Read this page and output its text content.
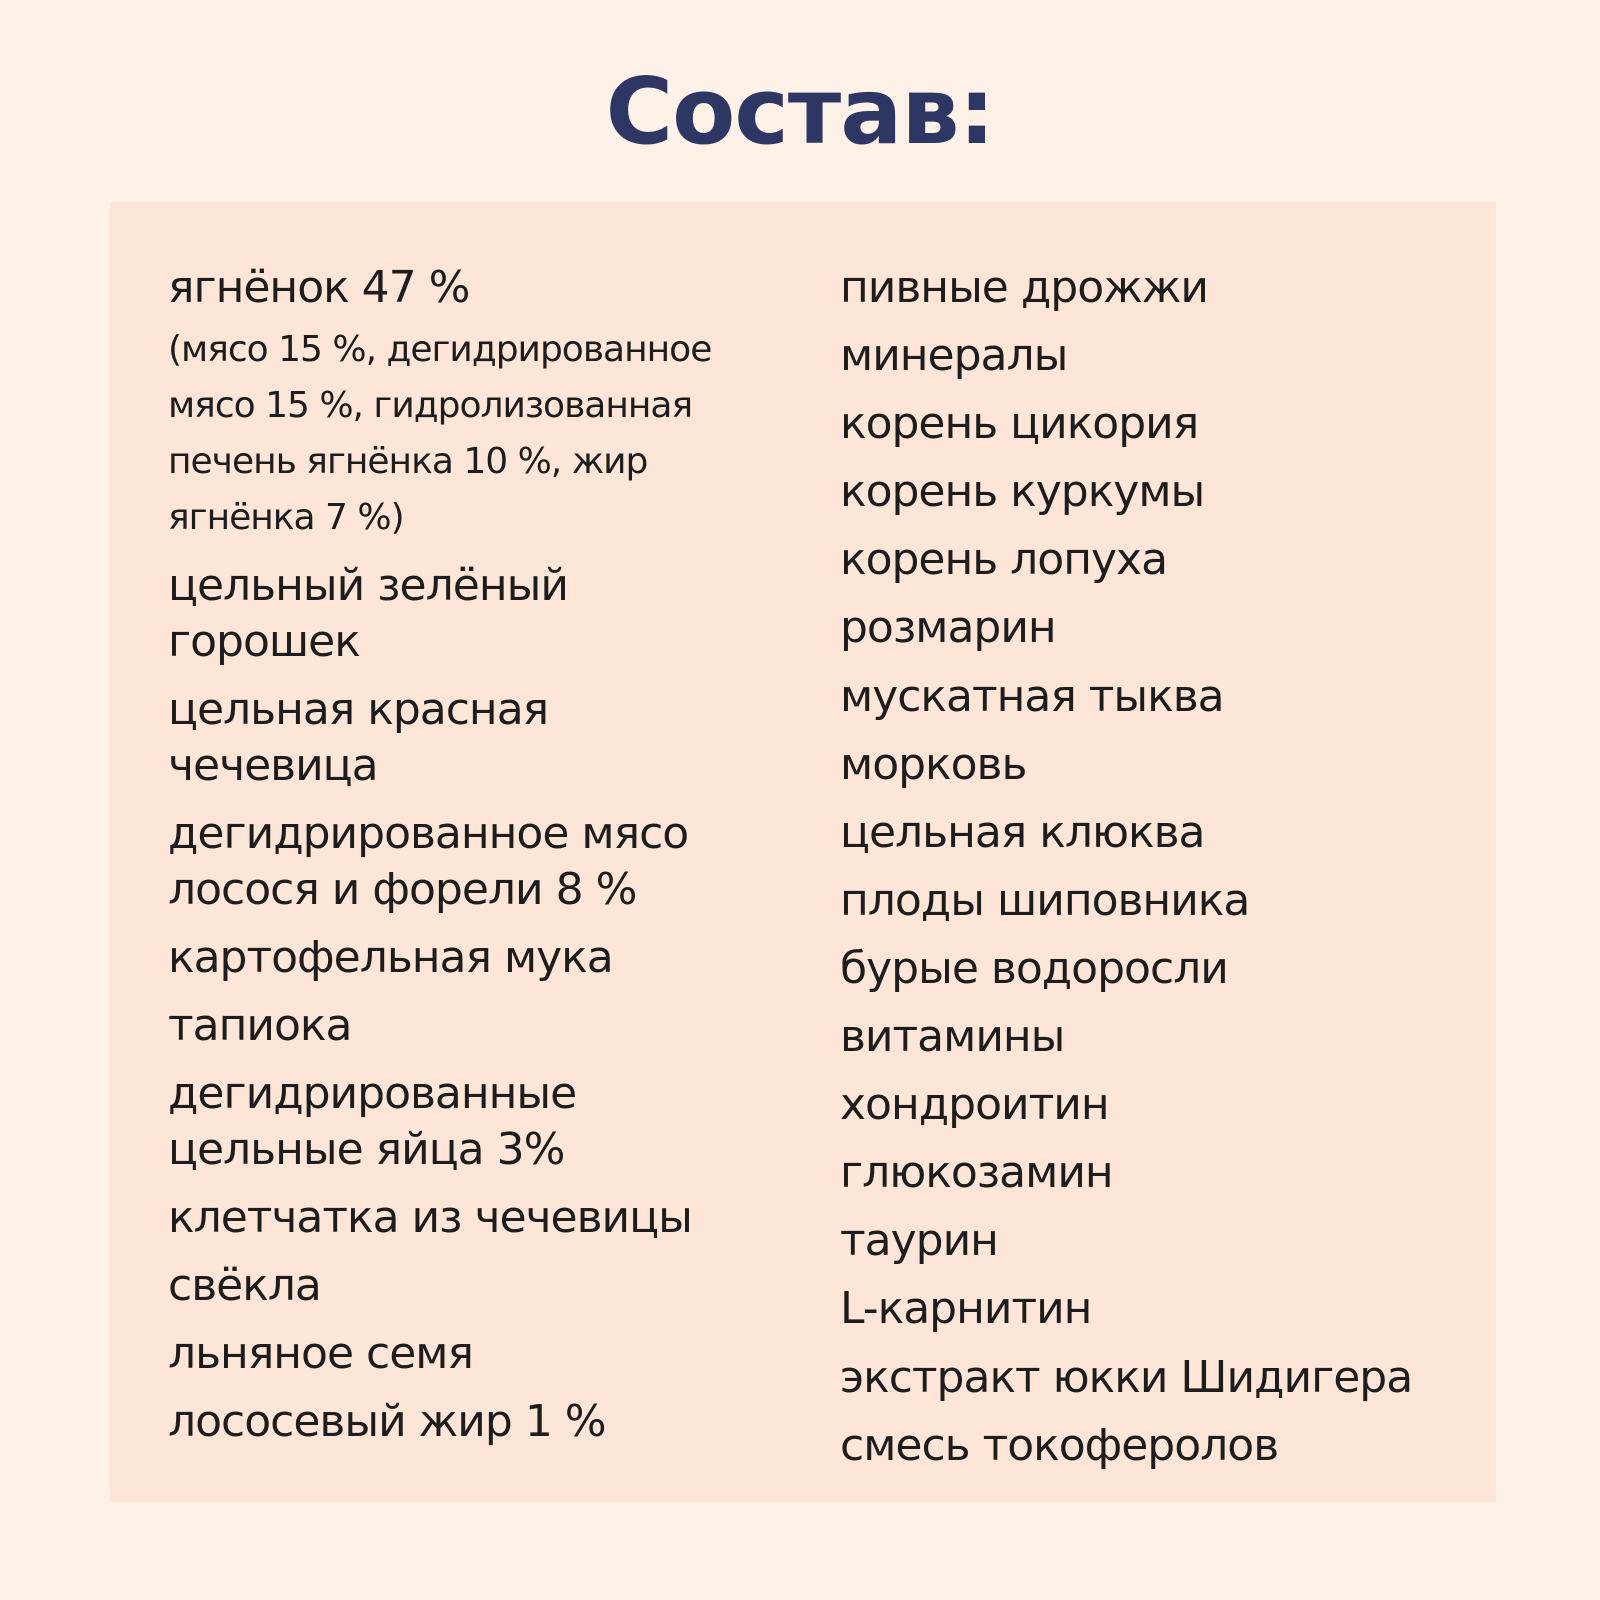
Состав:
ягнёнок 47 %
(мясо 15 %, дегидрированное мясо 15 %, гидролизованная печень ягнёнка 10 %, жир ягнёнка 7 %)
цельный зелёный горошек
цельная красная чечевица
дегидрированное мясо лосося и форели 8 %
картофельная мука
тапиока
дегидрированные цельные яйца 3%
клетчатка из чечевицы
свёкла
льняное семя
лососевый жир 1 %
пивные дрожжи
минералы
корень цикория
корень куркумы
корень лопуха
розмарин
мускатная тыква
морковь
цельная клюква
плоды шиповника
бурые водоросли
витамины
хондроитин
глюкозамин
таурин
L-карнитин
экстракт юкки Шидигера
смесь токоферолов
